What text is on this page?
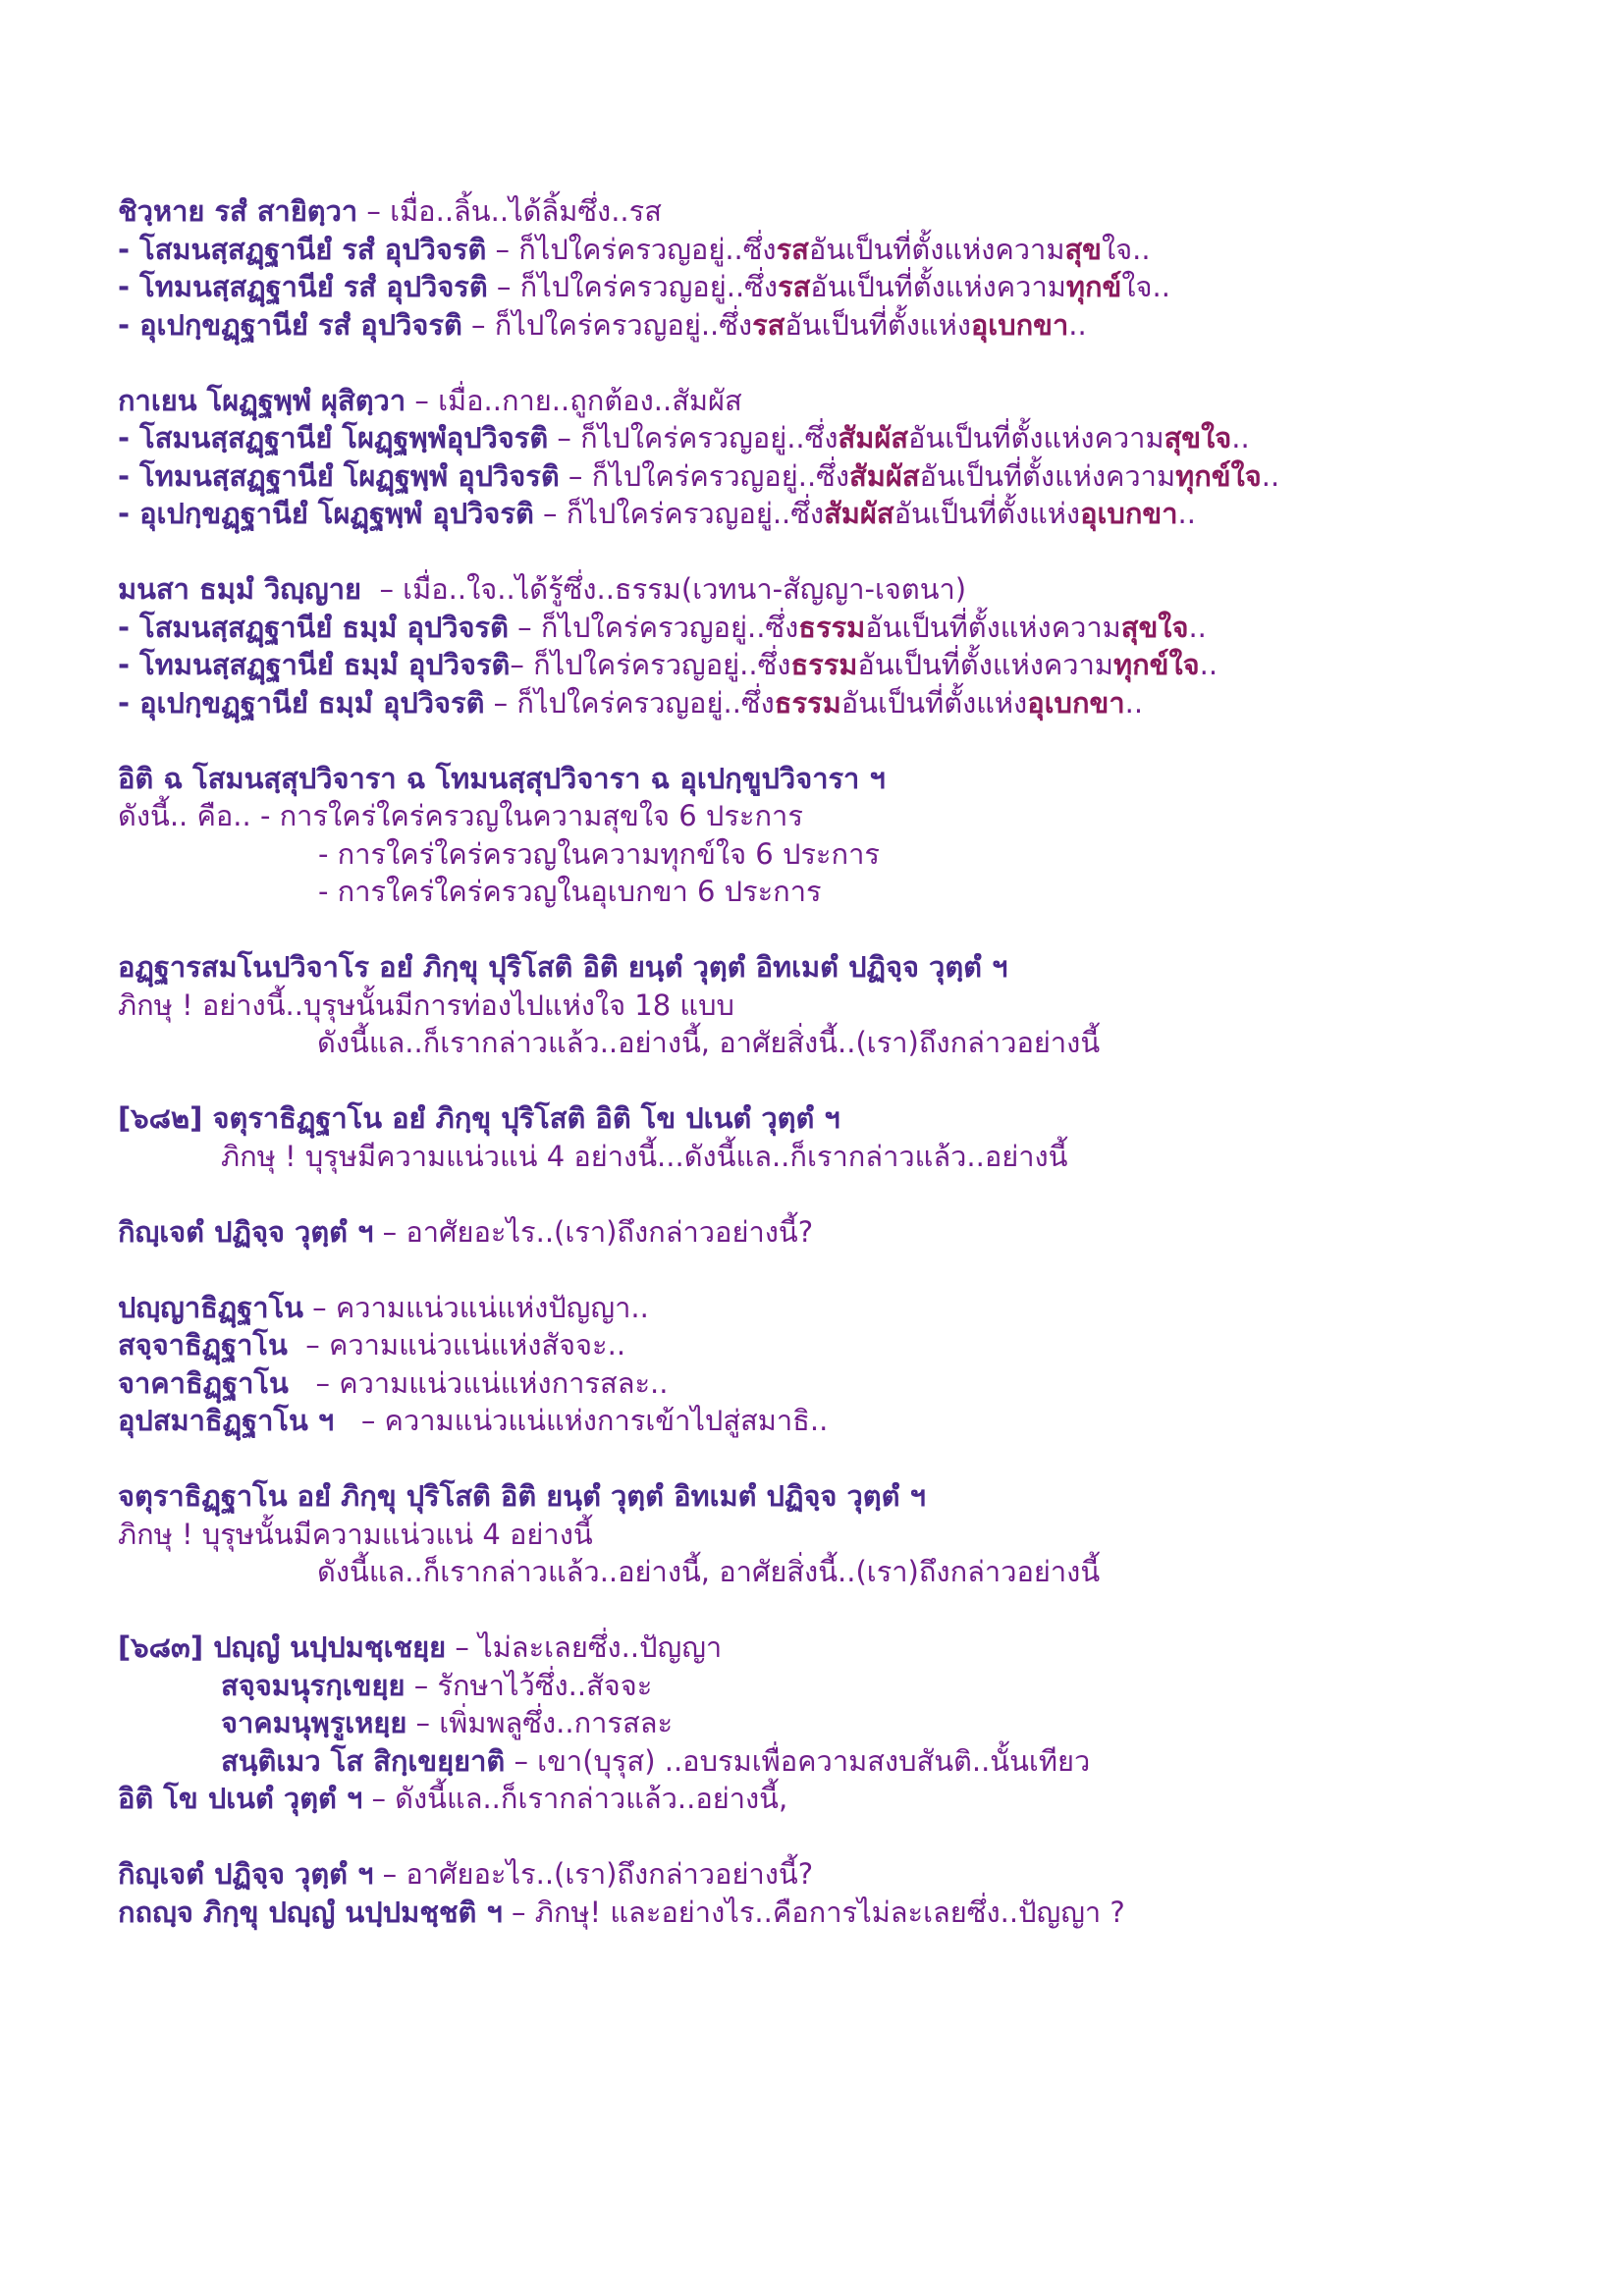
ชิวฺหาย รสํ สายิตฺวา – เมื่อ..ลิ้น..ได้ลิ้มซึ่ง..รส
- โสมนสฺสฏฺฐานียํ รสํ อุปวิจรติ – ก็ไปใคร่ครวญอยู่..ซึ่งรสอันเป็นที่ตั้งแห่งความสุขใจ..
- โทมนสฺสฏฺฐานียํ รสํ อุปวิจรติ – ก็ไปใคร่ครวญอยู่..ซึ่งรสอันเป็นที่ตั้งแห่งความทุกข์ใจ..
- อุเปกฺขฏฺฐานียํ รสํ อุปวิจรติ – ก็ไปใคร่ครวญอยู่..ซึ่งรสอันเป็นที่ตั้งแห่งอุเบกขา..
กาเยน โผฏฺฐพฺพํ ผุสิตฺวา – เมื่อ..กาย..ถูกต้อง..สัมผัส
- โสมนสฺสฏฺฐานียํ โผฏฺฐพฺพํอุปวิจรติ – ก็ไปใคร่ครวญอยู่..ซึ่งสัมผัสอันเป็นที่ตั้งแห่งความสุขใจ..
- โทมนสฺสฏฺฐานียํ โผฏฺฐพฺพํ อุปวิจรติ – ก็ไปใคร่ครวญอยู่..ซึ่งสัมผัสอันเป็นที่ตั้งแห่งความทุกข์ใจ..
- อุเปกฺขฏฺฐานียํ โผฏฺฐพฺพํ อุปวิจรติ – ก็ไปใคร่ครวญอยู่..ซึ่งสัมผัสอันเป็นที่ตั้งแห่งอุเบกขา..
มนสา ธมฺมํ วิญฺญาย  – เมื่อ..ใจ..ได้รู้ซึ่ง..ธรรม(เวทนา-สัญญา-เจตนา)
- โสมนสฺสฏฺฐานียํ ธมฺมํ อุปวิจรติ – ก็ไปใคร่ครวญอยู่..ซึ่งธรรมอันเป็นที่ตั้งแห่งความสุขใจ..
- โทมนสฺสฏฺฐานียํ ธมฺมํ อุปวิจรติ– ก็ไปใคร่ครวญอยู่..ซึ่งธรรมอันเป็นที่ตั้งแห่งความทุกข์ใจ..
- อุเปกฺขฏฺฐานียํ ธมฺมํ อุปวิจรติ – ก็ไปใคร่ครวญอยู่..ซึ่งธรรมอันเป็นที่ตั้งแห่งอุเบกขา..
อิติ ฉ โสมนสฺสุปวิจารา ฉ โทมนสฺสุปวิจารา ฉ อุเปกฺขูปวิจารา ฯ
ดังนี้.. คือ.. - การใคร่ใคร่ครวญในความสุขใจ 6 ประการ
- การใคร่ใคร่ครวญในความทุกข์ใจ 6 ประการ
- การใคร่ใคร่ครวญในอุเบกขา 6 ประการ
อฏฺฐารสมโนปวิจาโร อยํ ภิกฺขุ ปุริโสติ อิติ ยนฺตํ วุตฺตํ อิทเมตํ ปฏิจฺจ วุตฺตํ ฯ
ภิกษุ ! อย่างนี้..บุรุษนั้นมีการท่องไปแห่งใจ 18 แบบ
ดังนี้แล..ก็เรากล่าวแล้ว..อย่างนี้, อาศัยสิ่งนี้..(เรา)ถึงกล่าวอย่างนี้
[๖๘๒] จตุราธิฏฺฐาโน อยํ ภิกฺขุ ปุริโสติ อิติ โข ปเนตํ วุตฺตํ ฯ
ภิกษุ ! บุรุษมีความแน่วแน่ 4 อย่างนี้...ดังนี้แล..ก็เรากล่าวแล้ว..อย่างนี้
กิญฺเจตํ ปฏิจฺจ วุตฺตํ ฯ – อาศัยอะไร..(เรา)ถึงกล่าวอย่างนี้?
ปญฺญาธิฏฺฐาโน – ความแน่วแน่แห่งปัญญา..
สจฺจาธิฏฺฐาโน  – ความแน่วแน่แห่งสัจจะ..
จาคาธิฏฺฐาโน   – ความแน่วแน่แห่งการสละ..
อุปสมาธิฏฺฐาโน ฯ   – ความแน่วแน่แห่งการเข้าไปสู่สมาธิ..
จตุราธิฏฺฐาโน อยํ ภิกฺขุ ปุริโสติ อิติ ยนฺตํ วุตฺตํ อิทเมตํ ปฏิจฺจ วุตฺตํ ฯ
ภิกษุ ! บุรุษนั้นมีความแน่วแน่ 4 อย่างนี้
ดังนี้แล..ก็เรากล่าวแล้ว..อย่างนี้, อาศัยสิ่งนี้..(เรา)ถึงกล่าวอย่างนี้
[๖๘๓] ปญฺญํ นปฺปมชฺเชยฺย – ไม่ละเลยซึ่ง..ปัญญา
สจฺจมนุรกฺเขยฺย – รักษาไว้ซึ่ง..สัจจะ
จาคมนุพฺรูเหยฺย – เพิ่มพลูซึ่ง..การสละ
สนฺติเมว โส สิกฺเขยฺยาติ – เขา(บุรุส) ..อบรมเพื่อความสงบสันติ..นั้นเทียว
อิติ โข ปเนตํ วุตฺตํ ฯ – ดังนี้แล..ก็เรากล่าวแล้ว..อย่างนี้,
กิญฺเจตํ ปฏิจฺจ วุตฺตํ ฯ – อาศัยอะไร..(เรา)ถึงกล่าวอย่างนี้?
กถญฺจ ภิกฺขุ ปญฺญํ นปฺปมชฺชติ ฯ – ภิกษุ! และอย่างไร..คือการไม่ละเลยซึ่ง..ปัญญา ?
